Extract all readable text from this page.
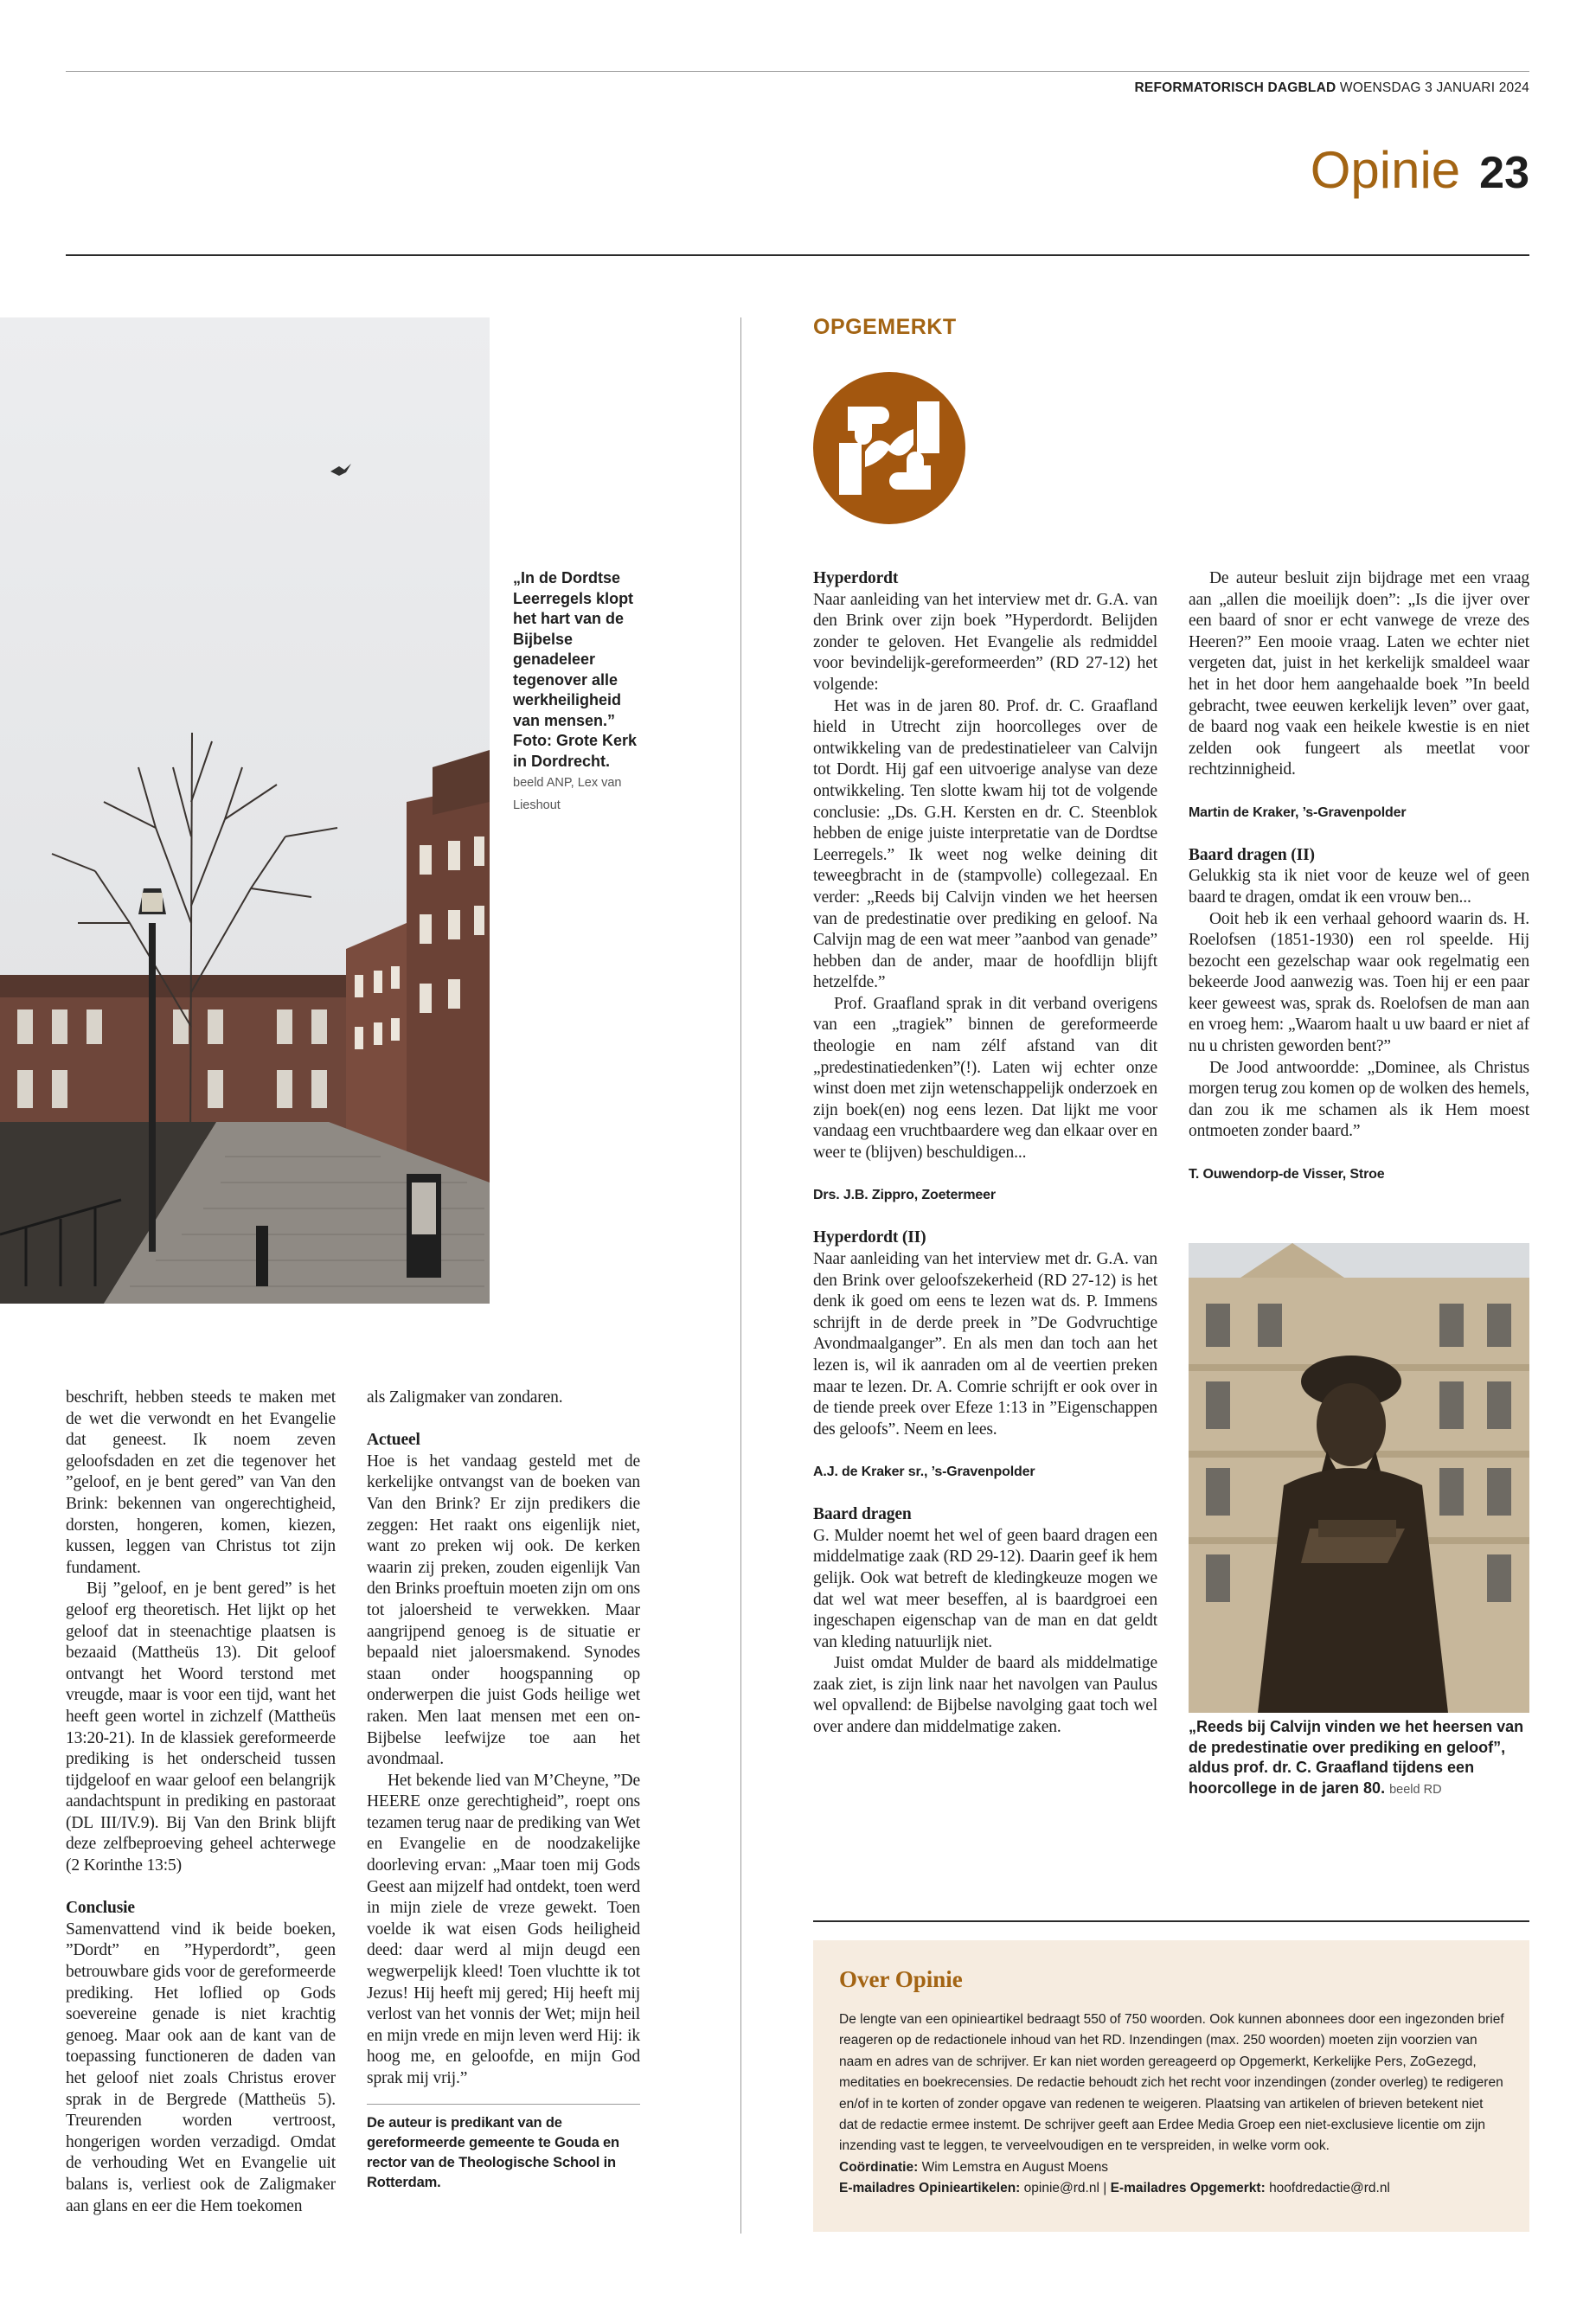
REFORMATORISCH DAGBLAD WOENSDAG 3 JANUARI 2024
Opinie 23
„In de Dordtse Leerregels klopt het hart van de Bijbelse genadeleer tegenover alle werkheiligheid van mensen.” Foto: Grote Kerk in Dordrecht. beeld ANP, Lex van Lieshout

beschrift, hebben steeds te maken met de wet die verwondt en het Evangelie dat geneest. Ik noem zeven geloofsdaden en zet die tegenover het ”geloof, en je bent gered” van Van den Brink: bekennen van ongerechtigheid, dorsten, hongeren, komen, kiezen, kussen, leggen van Christus tot zijn fundament.

Bij ”geloof, en je bent gered” is het geloof erg theoretisch. Het lijkt op het geloof dat in steenachtige plaatsen is bezaaid (Mattheüs 13). Dit geloof ontvangt het Woord terstond met vreugde, maar is voor een tijd, want het heeft geen wortel in zichzelf (Mattheüs 13:20-21). In de klassiek gereformeerde prediking is het onderscheid tussen tijdgeloof en waar geloof een belangrijk aandachtspunt in prediking en pastoraat (DL III/IV.9). Bij Van den Brink blijft deze zelfbeproeving geheel achterwege (2 Korinthe 13:5)

Conclusie

Samenvattend vind ik beide boeken, ”Dordt” en ”Hyperdordt”, geen betrouwbare gids voor de gereformeerde prediking. Het loflied op Gods soevereine genade is niet krachtig genoeg. Maar ook aan de kant van de toepassing functioneren de daden van het geloof niet zoals Christus erover sprak in de Bergrede (Mattheüs 5). Treurenden worden vertroost, hongerigen worden verzadigd. Omdat de verhouding Wet en Evangelie uit balans is, verliest ook de Zaligmaker aan glans en eer die Hem toekomen

als Zaligmaker van zondaren.

Actueel

Hoe is het vandaag gesteld met de kerkelijke ontvangst van de boeken van Van den Brink? Er zijn predikers die zeggen: Het raakt ons eigenlijk niet, want zo preken wij ook. De kerken waarin zij preken, zouden eigenlijk Van den Brinks proeftuin moeten zijn om ons tot jaloersheid te verwekken. Maar aangrijpend genoeg is de situatie er bepaald niet jaloersmakend. Synodes staan onder hoogspanning op onderwerpen die juist Gods heilige wet raken. Men laat mensen met een on-Bijbelse leefwijze toe aan het avondmaal.

Het bekende lied van M’Cheyne, ”De HEERE onze gerechtigheid”, roept ons tezamen terug naar de prediking van Wet en Evangelie en de noodzakelijke doorleving ervan: „Maar toen mij Gods Geest aan mijzelf had ontdekt, toen werd in mijn ziele de vreze gewekt. Toen voelde ik wat eisen Gods heiligheid deed: daar werd al mijn deugd een wegwerpelijk kleed! Toen vluchtte ik tot Jezus! Hij heeft mij gered; Hij heeft mij verlost van het vonnis der Wet; mijn heil en mijn vrede en mijn leven werd Hij: ik hoog me, en geloofde, en mijn God sprak mij vrij.”

De auteur is predikant van de gereformeerde gemeente te Gouda en rector van de Theologische School in Rotterdam.
OPGEMERKT
Hyperdordt

Naar aanleiding van het interview met dr. G.A. van den Brink over zijn boek ”Hyperdordt. Belijden zonder te geloven. Het Evangelie als redmiddel voor bevindelijk-gereformeerden” (RD 27-12) het volgende:

Het was in de jaren 80. Prof. dr. C. Graafland hield in Utrecht zijn hoorcolleges over de ontwikkeling van de predestinatieleer van Calvijn tot Dordt. Hij gaf een uitvoerige analyse van deze ontwikkeling. Ten slotte kwam hij tot de volgende conclusie: „Ds. G.H. Kersten en dr. C. Steenblok hebben de enige juiste interpretatie van de Dordtse Leerregels.” Ik weet nog welke deining dit teweegbracht in de (stampvolle) collegezaal. En verder: „Reeds bij Calvijn vinden we het heersen van de predestinatie over prediking en geloof. Na Calvijn mag de een wat meer ”aanbod van genade” hebben dan de ander, maar de hoofdlijn blijft hetzelfde.”

Prof. Graafland sprak in dit verband overigens van een „tragiek” binnen de gereformeerde theologie en nam zélf afstand van dit „predestinatiedenken”(!). Laten wij echter onze winst doen met zijn wetenschappelijk onderzoek en zijn boek(en) nog eens lezen. Dat lijkt me voor vandaag een vruchtbaardere weg dan elkaar over en weer te (blijven) beschuldigen...

Drs. J.B. Zippro, Zoetermeer
Hyperdordt (II)

Naar aanleiding van het interview met dr. G.A. van den Brink over geloofszekerheid (RD 27-12) is het denk ik goed om eens te lezen wat ds. P. Immens schrijft in de derde preek in ”De Godvruchtige Avondmaalganger”. En als men dan toch aan het lezen is, wil ik aanraden om al de veertien preken maar te lezen. Dr. A. Comrie schrijft er ook over in de tiende preek over Efeze 1:13 in ”Eigenschappen des geloofs”. Neem en lees.

A.J. de Kraker sr., ’s-Gravenpolder
Baard dragen

G. Mulder noemt het wel of geen baard dragen een middelmatige zaak (RD 29-12). Daarin geef ik hem gelijk. Ook wat betreft de kledingkeuze mogen we dat wel wat meer beseffen, al is baardgroei een ingeschapen eigenschap van de man en dat geldt van kleding natuurlijk niet.

Juist omdat Mulder de baard als middelmatige zaak ziet, is zijn link naar het navolgen van Paulus wel opvallend: de Bijbelse navolging gaat toch wel over andere dan middelmatige zaken.

De auteur besluit zijn bijdrage met een vraag aan „allen die moeilijk doen”: „Is die ijver over een baard of snor er echt vanwege de vreze des Heeren?” Een mooie vraag. Laten we echter niet vergeten dat, juist in het kerkelijk smaldeel waar het in het door hem aangehaalde boek ”In beeld gebracht, twee eeuwen kerkelijk leven” over gaat, de baard nog vaak een heikele kwestie is en niet zelden ook fungeert als meetlat voor rechtzinnigheid.

Martin de Kraker, ’s-Gravenpolder
Baard dragen (II)

Gelukkig sta ik niet voor de keuze wel of geen baard te dragen, omdat ik een vrouw ben...

Ooit heb ik een verhaal gehoord waarin ds. H. Roelofsen (1851-1930) een rol speelde. Hij bezocht een gezelschap waar ook regelmatig een bekeerde Jood aanwezig was. Toen hij er een paar keer geweest was, sprak ds. Roelofsen de man aan en vroeg hem: „Waarom haalt u uw baard er niet af nu u christen geworden bent?”

De Jood antwoordde: „Dominee, als Christus morgen terug zou komen op de wolken des hemels, dan zou ik me schamen als ik Hem moest ontmoeten zonder baard.”

T. Ouwendorp-de Visser, Stroe
„Reeds bij Calvijn vinden we het heersen van de predestinatie over prediking en geloof”, aldus prof. dr. C. Graafland tijdens een hoorcollege in de jaren 80. beeld RD
Over Opinie
De lengte van een opinieartikel bedraagt 550 of 750 woorden. Ook kunnen abonnees door een ingezonden brief reageren op de redactionele inhoud van het RD. Inzendingen (max. 250 woorden) moeten zijn voorzien van naam en adres van de schrijver. Er kan niet worden gereageerd op Opgemerkt, Kerkelijke Pers, ZoGezegd, meditaties en boekrecensies. De redactie behoudt zich het recht voor inzendingen (zonder overleg) te redigeren en/of in te korten of zonder opgave van redenen te weigeren. Plaatsing van artikelen of brieven betekent niet dat de redactie ermee instemt. De schrijver geeft aan Erdee Media Groep een niet-exclusieve licentie om zijn inzending vast te leggen, te verveelvoudigen en te verspreiden, in welke vorm ook.
Coördinatie: Wim Lemstra en August Moens
E-mailadres Opinieartikelen: opinie@rd.nl | E-mailadres Opgemerkt: hoofdredactie@rd.nl
